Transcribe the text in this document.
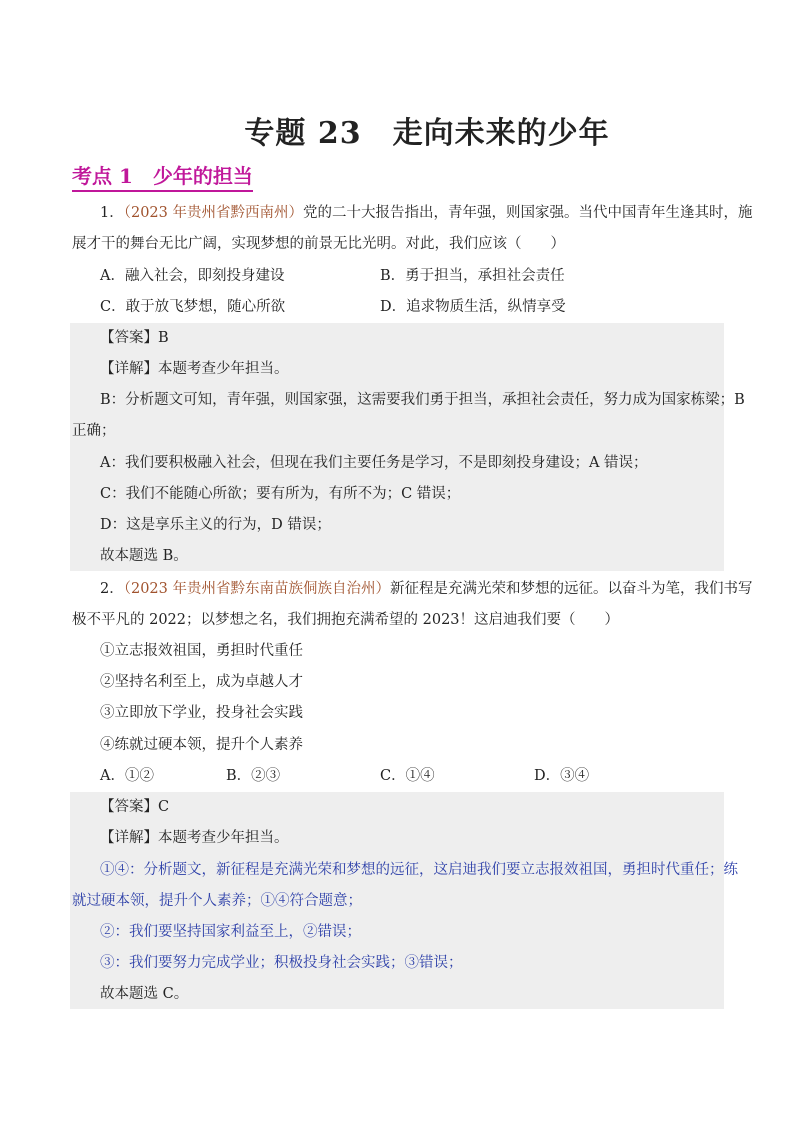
专题 23　走向未来的少年
考点 1　少年的担当
1．（2023 年贵州省黔西南州）党的二十大报告指出，青年强，则国家强。当代中国青年生逢其时，施
展才干的舞台无比广阔，实现梦想的前景无比光明。对此，我们应该（　　）
A．融入社会，即刻投身建设	B．勇于担当，承担社会责任
C．敢于放飞梦想，随心所欲	D．追求物质生活，纵情享受
【答案】B
【详解】本题考查少年担当。
B：分析题文可知，青年强，则国家强，这需要我们勇于担当，承担社会责任，努力成为国家栋梁；B
正确；
A：我们要积极融入社会，但现在我们主要任务是学习，不是即刻投身建设；A 错误；
C：我们不能随心所欲；要有所为，有所不为；C 错误；
D：这是享乐主义的行为，D 错误；
故本题选 B。
2．（2023 年贵州省黔东南苗族侗族自治州）新征程是充满光荣和梦想的远征。以奋斗为笔，我们书写
极不平凡的 2022；以梦想之名，我们拥抱充满希望的 2023！这启迪我们要（　　）
①立志报效祖国，勇担时代重任
②坚持名利至上，成为卓越人才
③立即放下学业，投身社会实践
④练就过硬本领，提升个人素养
A．①②	B．②③	C．①④	D．③④
【答案】C
【详解】本题考查少年担当。
①④：分析题文，新征程是充满光荣和梦想的远征，这启迪我们要立志报效祖国，勇担时代重任；练
就过硬本领，提升个人素养；①④符合题意；
②：我们要坚持国家利益至上，②错误；
③：我们要努力完成学业；积极投身社会实践；③错误；
故本题选 C。
